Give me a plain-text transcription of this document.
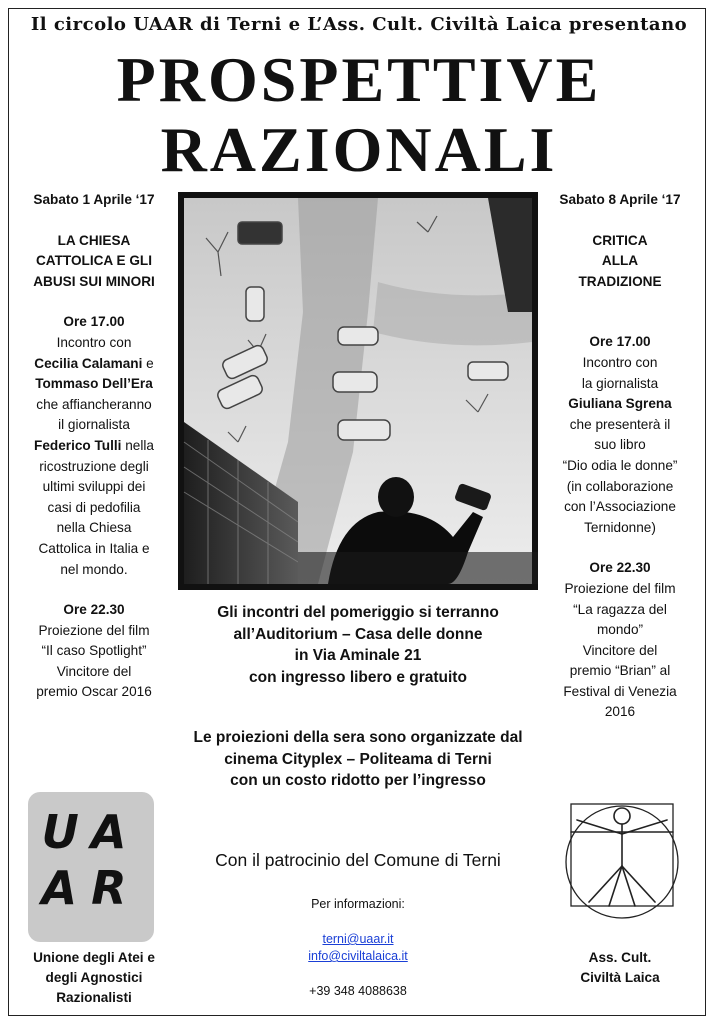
Il circolo UAAR di Terni e L’Ass. Cult. Civiltà Laica presentano
PROSPETTIVE
RAZIONALI
Sabato 1 Aprile ‘17
LA CHIESA
CATTOLICA E GLI
ABUSI SUI MINORI
Ore 17.00
Incontro con
Cecilia Calamani e
Tommaso Dell’Era
che affiancheranno
il giornalista
Federico Tulli nella
ricostruzione degli
ultimi sviluppi dei
casi di pedofilia
nella Chiesa
Cattolica in Italia e
nel mondo.
Ore 22.30
Proiezione del film
“Il caso Spotlight”
Vincitore del
premio Oscar 2016
Sabato 8 Aprile ‘17
CRITICA
ALLA
TRADIZIONE
Ore 17.00
Incontro con
la giornalista
Giuliana Sgrena
che presenterà il
suo libro
“Dio odia le donne”
(in collaborazione
con l’Associazione
Ternidonne)
Ore 22.30
Proiezione del film
“La ragazza del
mondo”
Vincitore del
premio “Brian” al
Festival di Venezia
2016
Gli incontri del pomeriggio si terranno
all’Auditorium – Casa delle donne
in Via Aminale 21
con ingresso libero e gratuito
Le proiezioni della sera sono organizzate dal
cinema Cityplex – Politeama di Terni
con un costo ridotto per l’ingresso
UA
AR
Unione degli Atei e
degli Agnostici
Razionalisti
Ass. Cult.
Civiltà Laica
Con il patrocinio del Comune di Terni
Per informazioni:
terni@uaar.it
info@civiltalaica.it
+39 348 4088638
